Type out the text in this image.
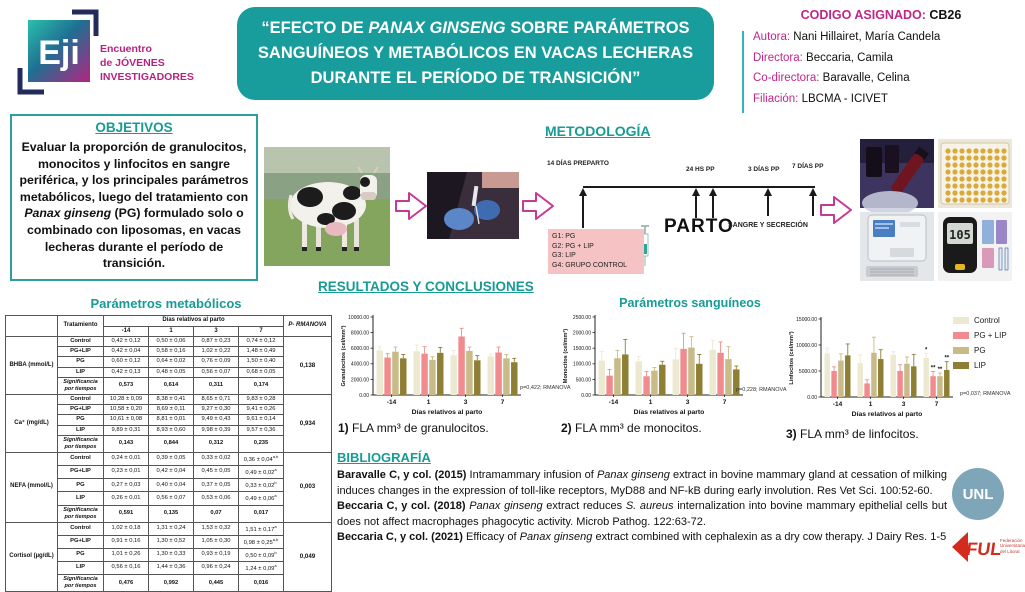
Eji Encuentro
de JÓVENES
INVESTIGADORES
“EFECTO DE PANAX GINSENG SOBRE PARÁMETROS SANGUÍNEOS Y METABÓLICOS EN VACAS LECHERAS DURANTE EL PERÍODO DE TRANSICIÓN”
CODIGO ASIGNADO: CB26
Autora: Nani Hillairet, María Candela
Directora: Beccaria, Camila
Co-directora: Baravalle, Celina
Filiación: LBCMA - ICIVET
OBJETIVOS
Evaluar la proporción de granulocitos, monocitos y linfocitos en sangre periférica, y los principales parámetros metabólicos, luego del tratamiento con Panax ginseng (PG) formulado solo o combinado con liposomas, en vacas lecheras durante el período de transición.
METODOLOGÍA
14 DÍAS PREPARTO
24 HS PP	3 DÍAS PP 7 DÍAS PP
PARTO
SANGRE Y SECRECIÓN
G1: PG
G2: PG + LIP
G3: LIP
G4: GRUPO CONTROL
105
RESULTADOS Y CONCLUSIONES
Parámetros metabólicos	Parámetros sanguíneos
	Tratamiento	Días relativos al parto				P- RMANOVA
		-14	1	3	7	
BHBA (mmol/L)	Control	0,42 ± 0,12	0,50 ± 0,06	0,87 ± 0,23	0,74 ± 0,12	0,138
	PG+LIP	0,42 ± 0,04	0,58 ± 0,16	1,02 ± 0,22	1,48 ± 0,49	
	PG	0,60 ± 0,12	0,64 ± 0,02	0,76 ± 0,09	1,50 ± 0,40	
	LIP	0,42 ± 0,13	0,48 ± 0,05	0,56 ± 0,07	0,68 ± 0,05	
	Significancia por tiempos	0,573	0,614	0,311	0,174	
Ca⁺ (mg/dL)	Control	10,28 ± 0,09	8,38 ± 0,41	8,65 ± 0,71	9,83 ± 0,28	0,934
	PG+LIP	10,58 ± 0,20	8,69 ± 0,11	9,27 ± 0,30	9,41 ± 0,26	
	PG	10,61 ± 0,08	8,81 ± 0,01	9,49 ± 0,43	9,61 ± 0,14	
	LIP	9,89 ± 0,31	8,93 ± 0,60	9,98 ± 0,39	9,57 ± 0,36	
	Significancia por tiempos	0,143	0,844	0,312	0,235	
NEFA (mmol/L)	Control	0,24 ± 0,01	0,39 ± 0,05	0,33 ± 0,02	$0,36 \pm 0,04^{a,b}$	0,003
	PG+LIP	0,23 ± 0,01	0,42 ± 0,04	0,45 ± 0,05	0,49 ± 0,02$^a$
	PG	0,27 ± 0,03	0,40 ± 0,04	0,37 ± 0,05	0,33 ± 0,02$^b$
	LIP	0,26 ± 0,01	0,56 ± 0,07	0,53 ± 0,06	0,49 ± 0,06$^a$
	Significancia por tiempos	0,591	0,135	0,07	0,017	
Cortisol (µg/dL)	Control	1,02 ± 0,18	1,31 ± 0,24	1,53 ± 0,32	1,51 ± 0,17$^a$	0,049
	PG+LIP	0,91 ± 0,16	1,30 ± 0,52	1,05 ± 0,30	$0,98 \pm 0,25^{a,b}$
	PG	1,01 ± 0,26	1,30 ± 0,33	0,93 ± 0,19	0,50 ± 0,09$^b$
	LIP	0,56 ± 0,16	1,44 ± 0,36	0,96 ± 0,24	1,24 ± 0,09$^a$
	Significancia por tiempos	0,476	0,992	0,445	0,016	
0.00
2000.00
4000.00
6000.00
8000.00
10000.00
Granulocitos (cel/mm³)
-14	1	3	7
Días relativos al parto
0.00
500.00
1000.00
1500.00
2000.00
2500.00
Monocitos (cel/mm³)
-14	1	3	7
Días relativos al parto
0.00
5000.00
10000.00
15000.00
Linfocitos (cel/mm³)	*
** **
**
-14	1	3	7
Días relativos al parto
p=0,422; RMANOVA	p=0,228; RMANOVA
p=0,037; RMANOVA
1) FLA mm³ de granulocitos.	2) FLA mm³ de monocitos.	3) FLA mm³ de linfocitos.
Control
PG + LIP
PG
LIP
BIBLIOGRAFÍA

Baravalle C, y col. (2015) Intramammary infusion of Panax ginseng extract in bovine mammary gland at cessation of milking induces changes in the expression of toll-like receptors, MyD88 and NF-kB during early involution. Res Vet Sci. 100:52-60.

Beccaria C, y col. (2018) Panax ginseng extract reduces S. aureus internalization into bovine mammary epithelial cells but does not affect macrophages phagocytic activity. Microb Pathog. 122:63-72.

Beccaria C, y col. (2021) Efficacy of Panax ginseng extract combined with cephalexin as a dry cow therapy. J Dairy Res. 1-5

UNL
FUL
Federación
Universitaria
del Litoral
